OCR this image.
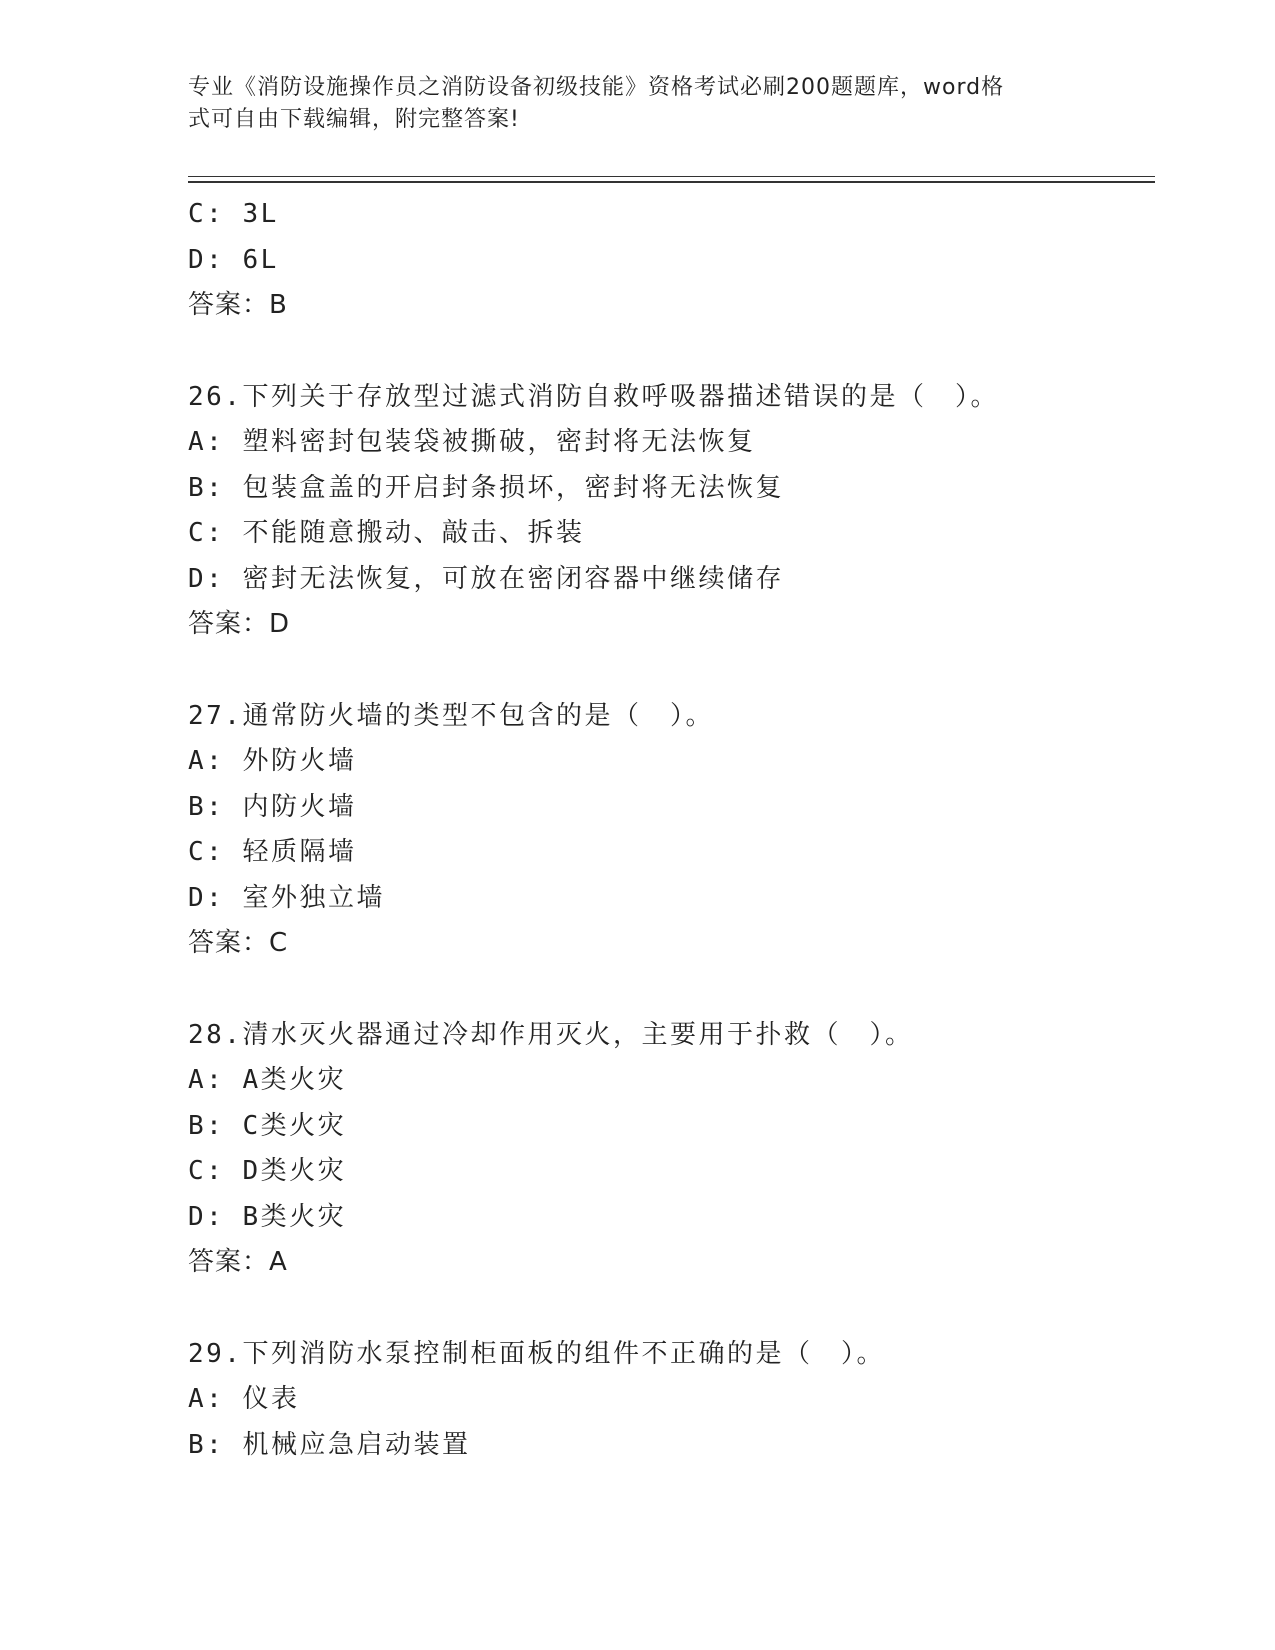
专业《消防设施操作员之消防设备初级技能》资格考试必刷200题题库，word格
式可自由下载编辑，附完整答案!
C: 3L
D: 6L
答案：B
26.下列关于存放型过滤式消防自救呼吸器描述错误的是（　）。
A: 塑料密封包装袋被撕破，密封将无法恢复
B: 包装盒盖的开启封条损坏，密封将无法恢复
C: 不能随意搬动、敲击、拆装
D: 密封无法恢复，可放在密闭容器中继续储存
答案：D
27.通常防火墙的类型不包含的是（　）。
A: 外防火墙
B: 内防火墙
C: 轻质隔墙
D: 室外独立墙
答案：C
28.清水灭火器通过冷却作用灭火，主要用于扑救（　）。
A: A类火灾
B: C类火灾
C: D类火灾
D: B类火灾
答案：A
29.下列消防水泵控制柜面板的组件不正确的是（　）。
A: 仪表
B: 机械应急启动装置
